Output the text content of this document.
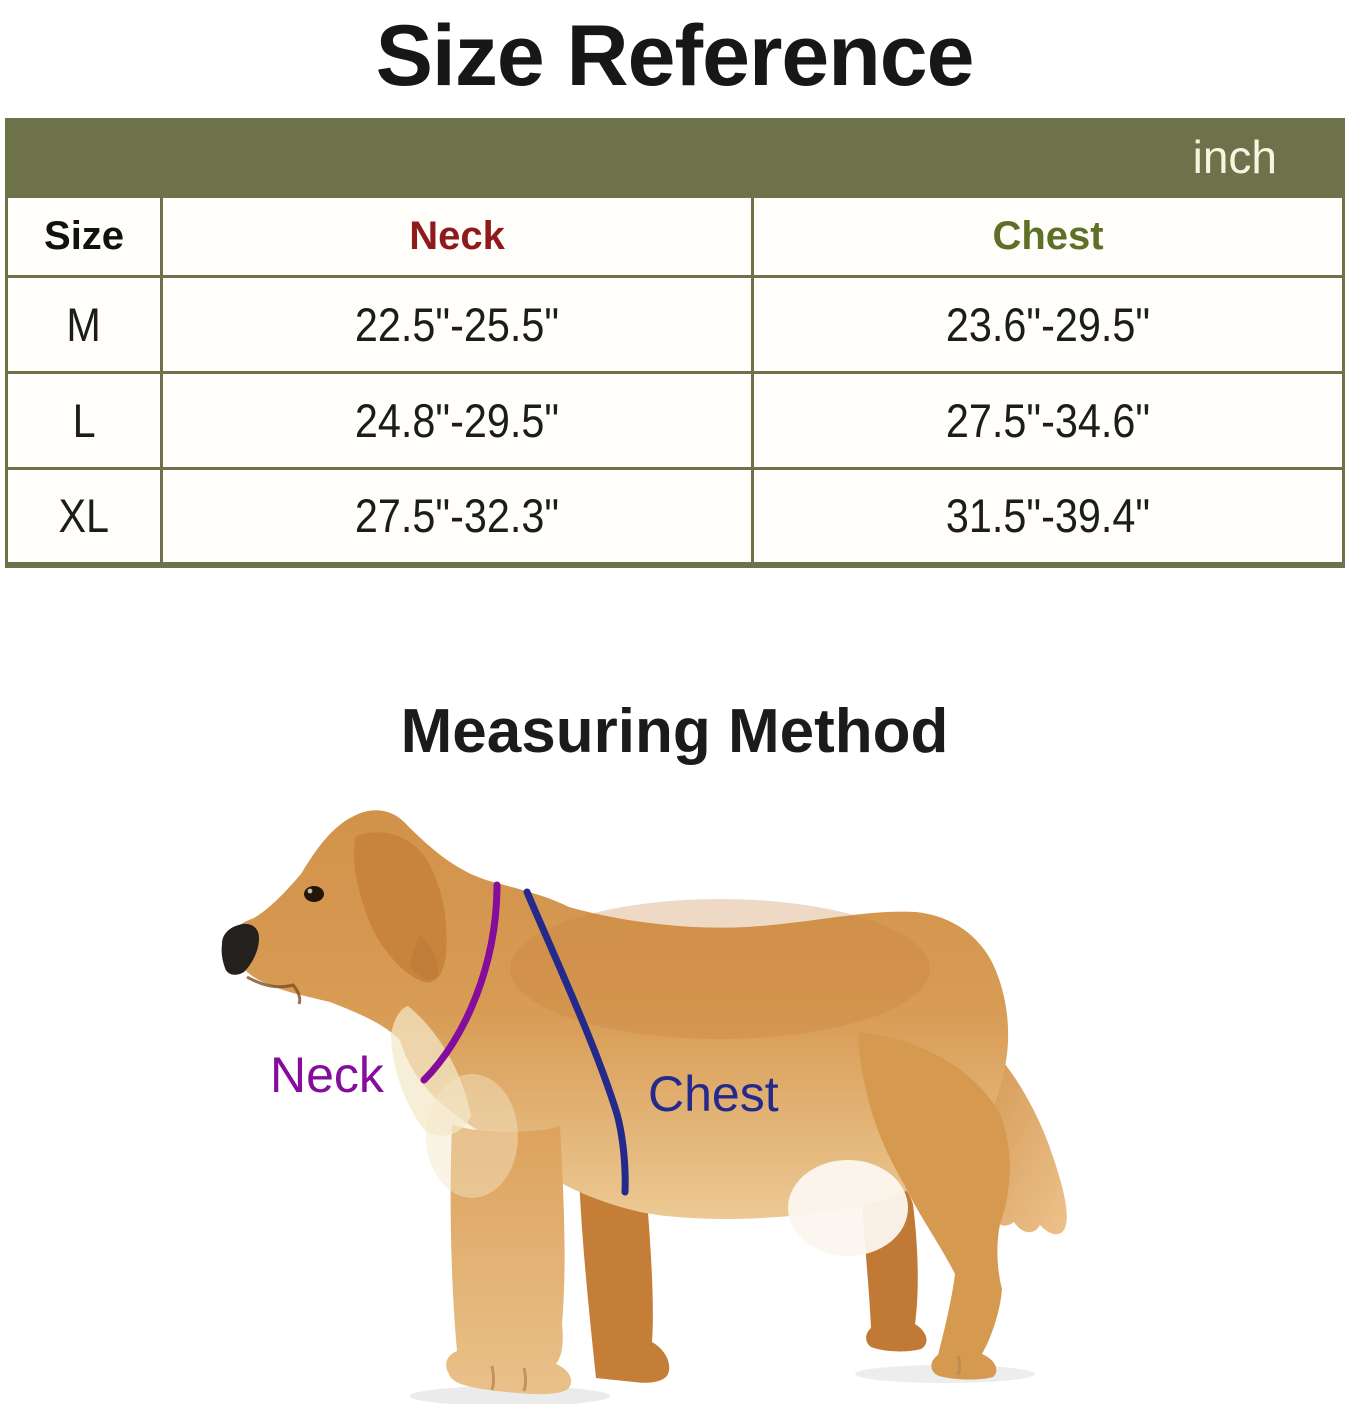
Size Reference
inch
Size	Neck	Chest
M	22.5"-25.5"	23.6"-29.5"
L	24.8"-29.5"	27.5"-34.6"
XL	27.5"-32.3"	31.5"-39.4"
Measuring Method
Neck	Chest
